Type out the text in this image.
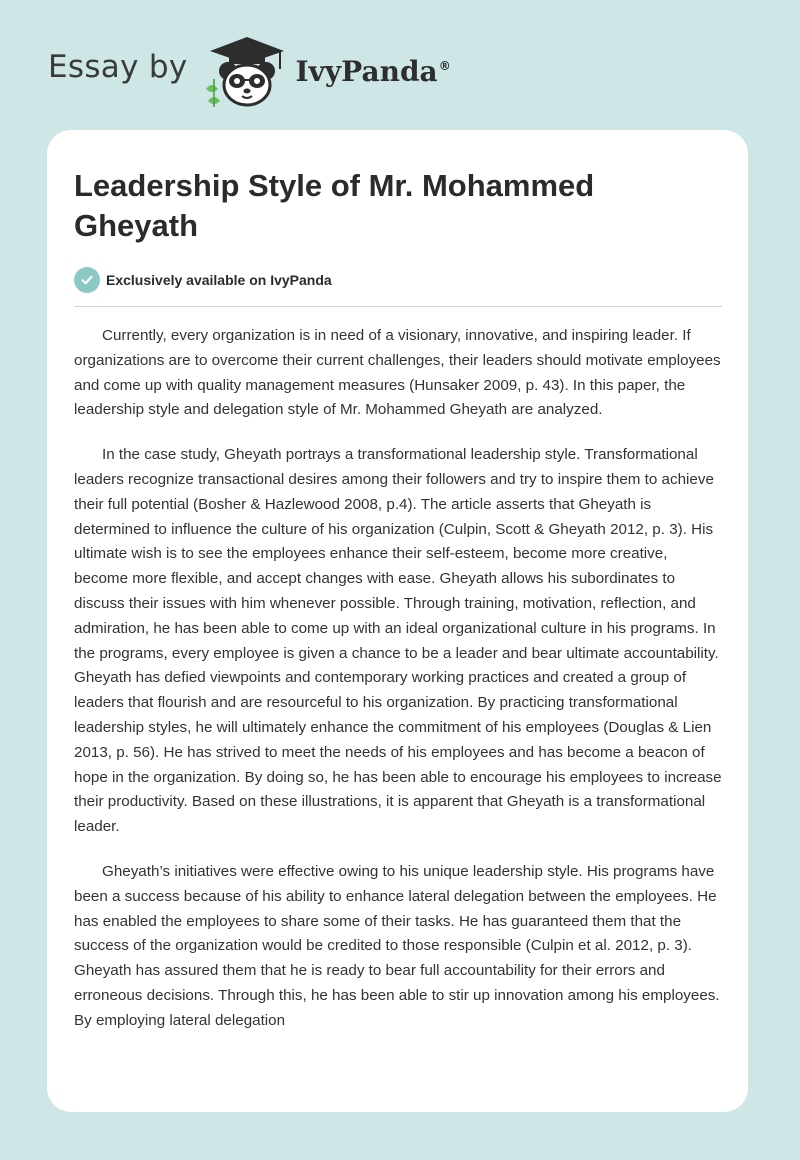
Essay by	IvyPanda®
Leadership Style of Mr. Mohammed Gheyath
Exclusively available on IvyPanda

Currently, every organization is in need of a visionary, innovative, and inspiring leader. If organizations are to overcome their current challenges, their leaders should motivate employees and come up with quality management measures (Hunsaker 2009, p. 43). In this paper, the leadership style and delegation style of Mr. Mohammed Gheyath are analyzed.

In the case study, Gheyath portrays a transformational leadership style. Transformational leaders recognize transactional desires among their followers and try to inspire them to achieve their full potential (Bosher & Hazlewood 2008, p.4). The article asserts that Gheyath is determined to influence the culture of his organization (Culpin, Scott & Gheyath 2012, p. 3). His ultimate wish is to see the employees enhance their self-esteem, become more creative, become more flexible, and accept changes with ease. Gheyath allows his subordinates to discuss their issues with him whenever possible. Through training, motivation, reflection, and admiration, he has been able to come up with an ideal organizational culture in his programs. In the programs, every employee is given a chance to be a leader and bear ultimate accountability. Gheyath has defied viewpoints and contemporary working practices and created a group of leaders that flourish and are resourceful to his organization. By practicing transformational leadership styles, he will ultimately enhance the commitment of his employees (Douglas & Lien 2013, p. 56). He has strived to meet the needs of his employees and has become a beacon of hope in the organization. By doing so, he has been able to encourage his employees to increase their productivity. Based on these illustrations, it is apparent that Gheyath is a transformational leader.

Gheyath’s initiatives were effective owing to his unique leadership style. His programs have been a success because of his ability to enhance lateral delegation between the employees. He has enabled the employees to share some of their tasks. He has guaranteed them that the success of the organization would be credited to those responsible (Culpin et al. 2012, p. 3). Gheyath has assured them that he is ready to bear full accountability for their errors and erroneous decisions. Through this, he has been able to stir up innovation among his employees. By employing lateral delegation
